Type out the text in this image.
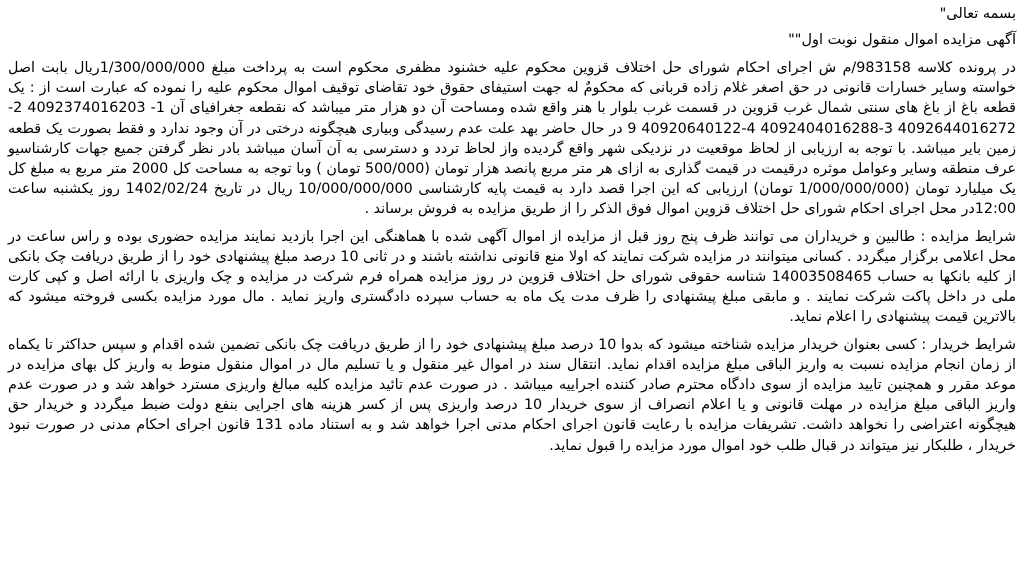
بسمه تعالی"

آگهی مزایده اموال منقول نوبت اول""

در پرونده کلاسه 983158/م ش اجرای احکام شورای حل اختلاف قزوین محکوم علیه خشنود مظفری محکوم است به پرداخت مبلغ 1/300/000/000ریال بابت اصل خواسته وسایر خسارات قانونی در حق اصغر غلام زاده قربانی که محکومٌ له جهت استیفای حقوق خود تقاضای توقیف اموال محکوم علیه را نموده که عبارت است از : یک قطعه باغ از باغ های سنتی شمال غرب قزوین در قسمت غرب بلوار با هنر واقع شده ومساحت آن دو هزار متر میباشد که نقطعه جغرافیای آن 1- 4092374016203 2-4092644016272 3-4092404016288 4-40920640122 9 در حال حاضر بهد علت عدم رسیدگی وبیاری هیچگونه درختی در آن وجود ندارد و فقط بصورت یک قطعه زمین بایر میباشد. با توجه به ارزیابی از لحاظ موقعیت در نزدیکی شهر واقع گردیده واز لحاظ تردد و دسترسی به آن آسان میباشد بادر نظر گرفتن جمیع جهات کارشناسیو عرف منطقه وسایر وعوامل موثره درقیمت در قیمت گذاری به ازای هر متر مربع پانصد هزار تومان (500/000 تومان ) وبا توجه به مساحت کل 2000 متر مربع به مبلغ کل یک میلیارد تومان (1/000/000/000 تومان) ارزیابی که این اجرا قصد دارد به قیمت پایه کارشناسی 10/000/000/000 ریال در تاریخ 1402/02/24 روز یکشنبه ساعت 12:00در محل اجرای احکام شورای حل اختلاف قزوین اموال فوق الذکر را از طریق مزایده به فروش برساند .

شرایط مزایده : طالبین و خریداران می توانند ظرف پنج روز قبل از مزایده از اموال آگهی شده با هماهنگی این اجرا بازدید نمایند مزایده حضوری بوده و راس ساعت در محل اعلامی برگزار میگردد . کسانی میتوانند در مزایده شرکت نمایند که اولا منع قانونی نداشته باشند و در ثانی 10 درصد مبلغ پیشنهادی خود را از طریق دریافت چک بانکی از کلیه بانکها به حساب 14003508465 شناسه حقوقی شورای حل اختلاف قزوین در روز مزایده همراه فرم شرکت در مزایده و چک واریزی با ارائه اصل و کپی کارت ملی در داخل پاکت شرکت نمایند . و مابقی مبلغ پیشنهادی را ظرف مدت یک ماه به حساب سپرده دادگستری واریز نماید . مال مورد مزایده بکسی فروخته میشود که بالاترین قیمت پیشنهادی را اعلام نماید.

شرایط خریدار : کسی بعنوان خریدار مزایده شناخته میشود که بدوا 10 درصد مبلغ پیشنهادی خود را از طریق دریافت چک بانکی تضمین شده اقدام و سپس حداکثر تا یکماه از زمان انجام مزایده نسبت به واریز الباقی مبلغ مزایده اقدام نماید. انتقال سند در اموال غیر منقول و یا تسلیم مال در اموال منقول منوط به واریز کل بهای مزایده در موعد مقرر و همچنین تایید مزایده از سوی دادگاه محترم صادر کننده اجراییه میباشد . در صورت عدم تائید مزایده کلیه مبالغ واریزی مسترد خواهد شد و در صورت عدم واریز الباقی مبلغ مزایده در مهلت قانونی و یا اعلام انصراف از سوی خریدار 10 درصد واریزی پس از کسر هزینه های اجرایی بنفع دولت ضبط میگردد و خریدار حق هیچگونه اعتراضی را نخواهد داشت. تشریفات مزایده با رعایت قانون اجرای احکام مدنی اجرا خواهد شد و به استناد ماده 131 قانون اجرای احکام مدنی در صورت نبود خریدار ، طلبکار نیز میتواند در قبال طلب خود اموال مورد مزایده را قبول نماید.
